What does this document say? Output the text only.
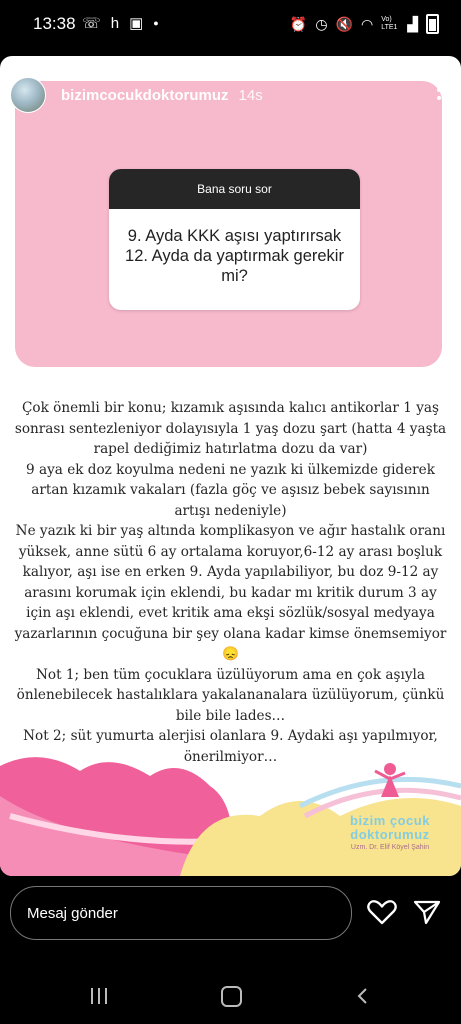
13:38 ☏ h ▣ ●	⏰ ◷ 🔇 ◠ Vo) LTE1 ▟
bizimcocukdoktorumuz 14s
Bana soru sor
9. Ayda KKK aşısı yaptırırsak 12. Ayda da yaptırmak gerekir mi?

Çok önemli bir konu; kızamık aşısında kalıcı antikorlar 1 yaş sonrası sentezleniyor dolayısıyla 1 yaş dozu şart (hatta 4 yaşta rapel dediğimiz hatırlatma dozu da var)

9 aya ek doz koyulma nedeni ne yazık ki ülkemizde giderek artan kızamık vakaları (fazla göç ve aşısız bebek sayısının artışı nedeniyle)

Ne yazık ki bir yaş altında komplikasyon ve ağır hastalık oranı yüksek, anne sütü 6 ay ortalama koruyor,6-12 ay arası boşluk kalıyor, aşı ise en erken 9. Ayda yapılabiliyor, bu doz 9-12 ay arasını korumak için eklendi, bu kadar mı kritik durum 3 ay için aşı eklendi, evet kritik ama ekşi sözlük/sosyal medyaya yazarlarının çocuğuna bir şey olana kadar kimse önemsemiyor😞

Not 1; ben tüm çocuklara üzülüyorum ama en çok aşıyla önlenebilecek hastalıklara yakalananalara üzülüyorum, çünkü bile bile lades…

Not 2; süt yumurta alerjisi olanlara 9. Aydaki aşı yapılmıyor, önerilmiyor…

bizim çocuk
doktorumuz
Uzm. Dr. Elif Köyel Şahin
Mesaj gönder
